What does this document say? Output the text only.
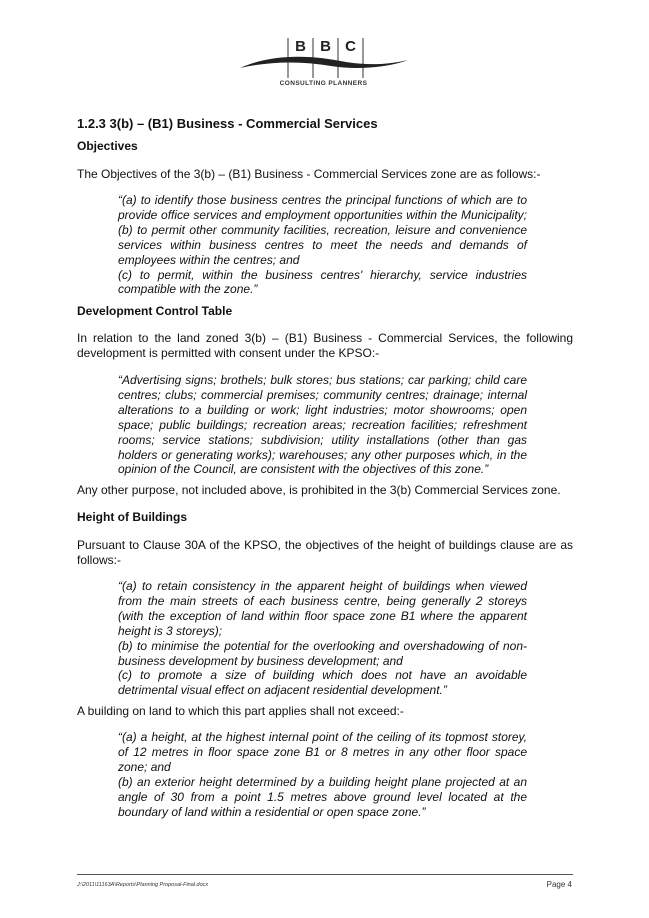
B B C
CONSULTING PLANNERS
1.2.3 3(b) – (B1) Business - Commercial Services
Objectives
The Objectives of the 3(b) – (B1) Business - Commercial Services zone are as follows:-
“(a) to identify those business centres the principal functions of which are to
provide office services and employment opportunities within the Municipality;
(b) to permit other community facilities, recreation, leisure and convenience
services within business centres to meet the needs and demands of
employees within the centres; and
(c) to permit, within the business centres' hierarchy, service industries
compatible with the zone.”
Development Control Table
In relation to the land zoned 3(b) – (B1) Business - Commercial Services, the following
development is permitted with consent under the KPSO:-
“Advertising signs; brothels; bulk stores; bus stations; car parking; child care
centres; clubs; commercial premises; community centres; drainage; internal
alterations to a building or work; light industries; motor showrooms; open
space; public buildings; recreation areas; recreation facilities; refreshment
rooms; service stations; subdivision; utility installations (other than gas
holders or generating works); warehouses; any other purposes which, in the
opinion of the Council, are consistent with the objectives of this zone.”
Any other purpose, not included above, is prohibited in the 3(b) Commercial Services zone.
Height of Buildings
Pursuant to Clause 30A of the KPSO, the objectives of the height of buildings clause are as
follows:-
“(a) to retain consistency in the apparent height of buildings when viewed
from the main streets of each business centre, being generally 2 storeys
(with the exception of land within floor space zone B1 where the apparent
height is 3 storeys);
(b) to minimise the potential for the overlooking and overshadowing of non-
business development by business development; and
(c) to promote a size of building which does not have an avoidable
detrimental visual effect on adjacent residential development.”
A building on land to which this part applies shall not exceed:-
“(a) a height, at the highest internal point of the ceiling of its topmost storey,
of 12 metres in floor space zone B1 or 8 metres in any other floor space
zone; and
(b) an exterior height determined by a building height plane projected at an
angle of 30 from a point 1.5 metres above ground level located at the
boundary of land within a residential or open space zone.”
J:\2011\11163A\Reports\Planning Proposal-Final.docx	Page 4
